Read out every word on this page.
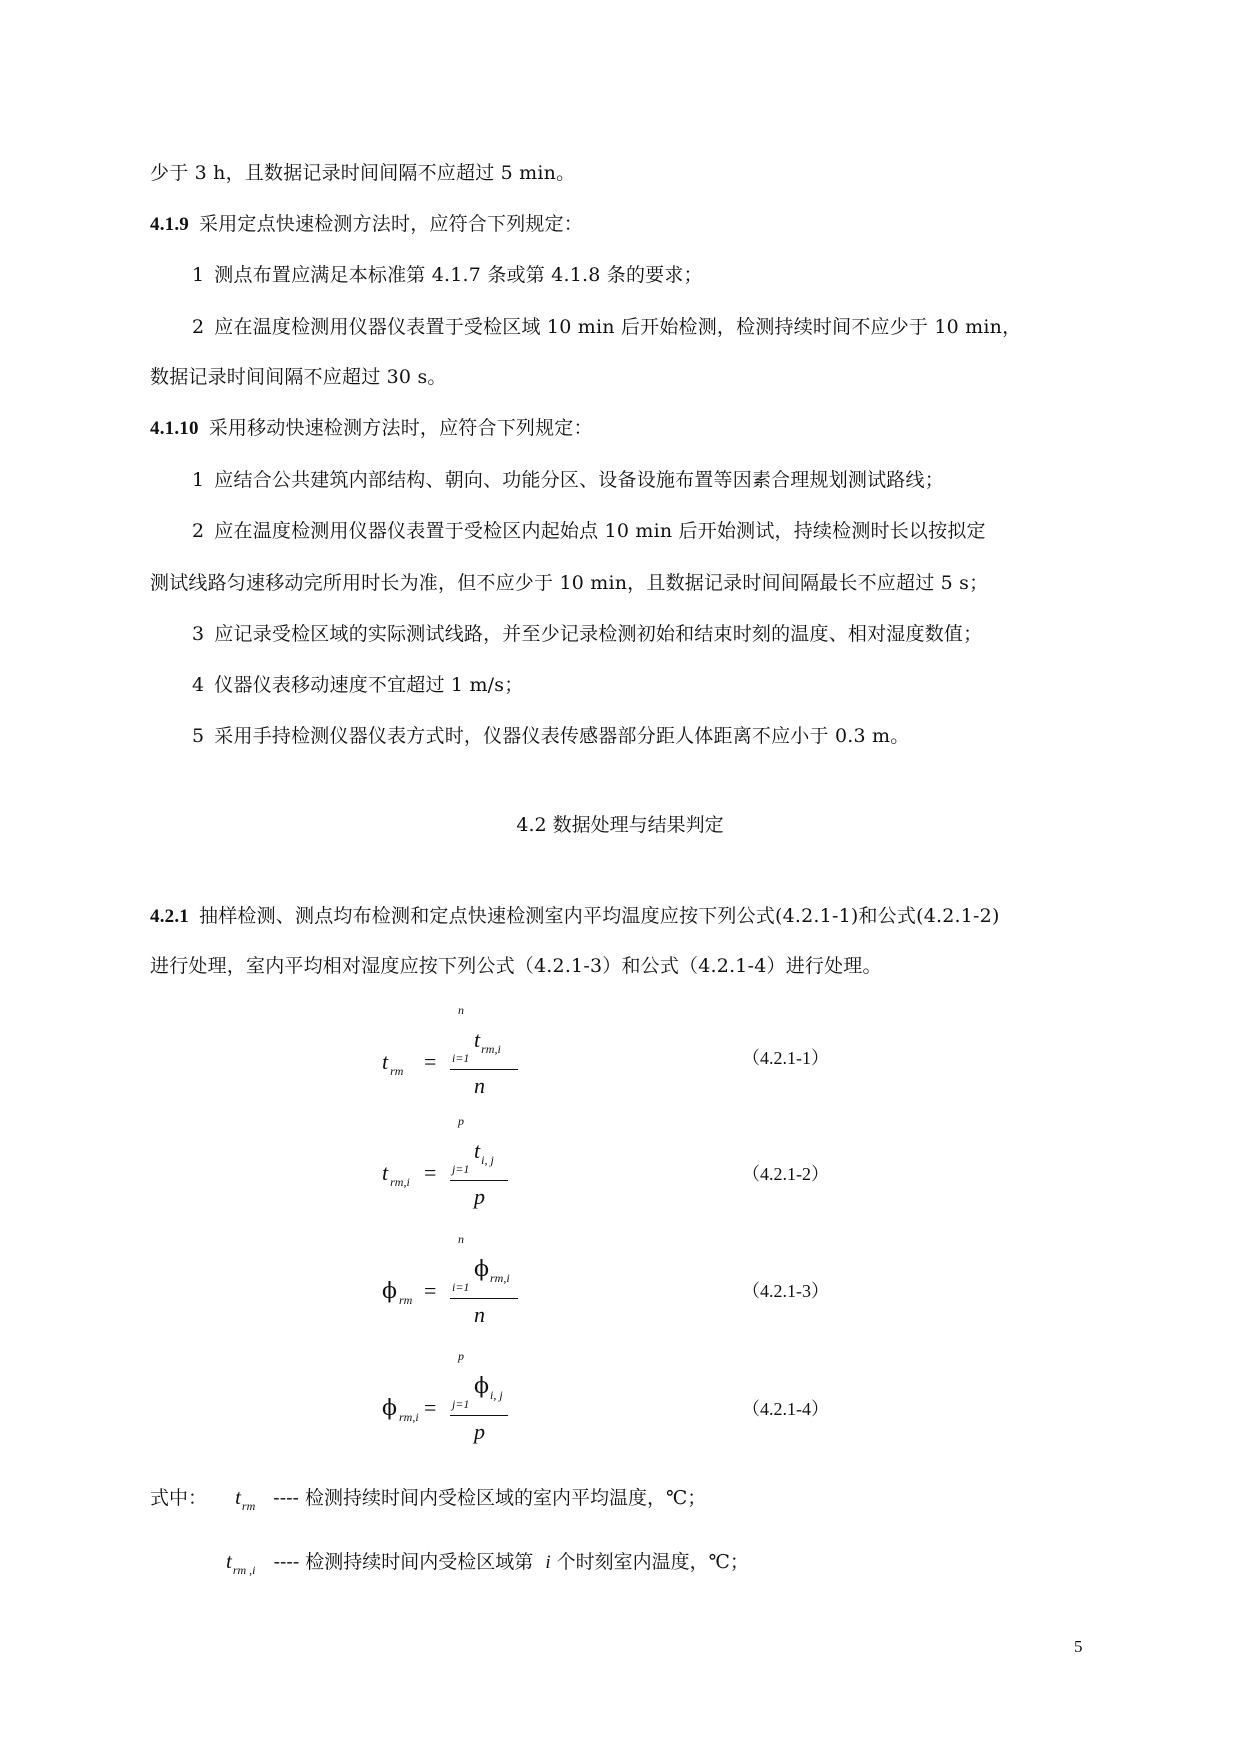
少于 3 h，且数据记录时间间隔不应超过 5 min。
4.1.9 采用定点快速检测方法时，应符合下列规定：
1 测点布置应满足本标准第 4.1.7 条或第 4.1.8 条的要求；
2 应在温度检测用仪器仪表置于受检区域 10 min 后开始检测，检测持续时间不应少于 10 min，
数据记录时间间隔不应超过 30 s。
4.1.10 采用移动快速检测方法时，应符合下列规定：
1 应结合公共建筑内部结构、朝向、功能分区、设备设施布置等因素合理规划测试路线；
2 应在温度检测用仪器仪表置于受检区内起始点 10 min 后开始测试，持续检测时长以按拟定
测试线路匀速移动完所用时长为准，但不应少于 10 min，且数据记录时间间隔最长不应超过 5 s；
3 应记录受检区域的实际测试线路，并至少记录检测初始和结束时刻的温度、相对湿度数值；
4 仪器仪表移动速度不宜超过 1 m/s；
5 采用手持检测仪器仪表方式时，仪器仪表传感器部分距人体距离不应小于 0.3 m。
4.2 数据处理与结果判定
4.2.1 抽样检测、测点均布检测和定点快速检测室内平均温度应按下列公式(4.2.1-1)和公式(4.2.1-2)
进行处理，室内平均相对湿度应按下列公式（4.2.1-3）和公式（4.2.1-4）进行处理。
t $_{rm}$ =
n
$t_{rm,i}$
i=1
n
（4.2.1-1）
t $_{rm,i}$ =
p
$t_{i, j}$
j=1
p
（4.2.1-2）
ϕ $_{rm}$ =
n
$\phi_{rm,i}$
i=1
n
（4.2.1-3）
ϕ $_{rm,i}$ =
p
$\phi_{i, j}$
j=1
p
（4.2.1-4）
式中： $t_{rm}$ ---- 检测持续时间内受检区域的室内平均温度，℃；
$t_{rm ,i}$ ---- 检测持续时间内受检区域第 i 个时刻室内温度，℃；
5
